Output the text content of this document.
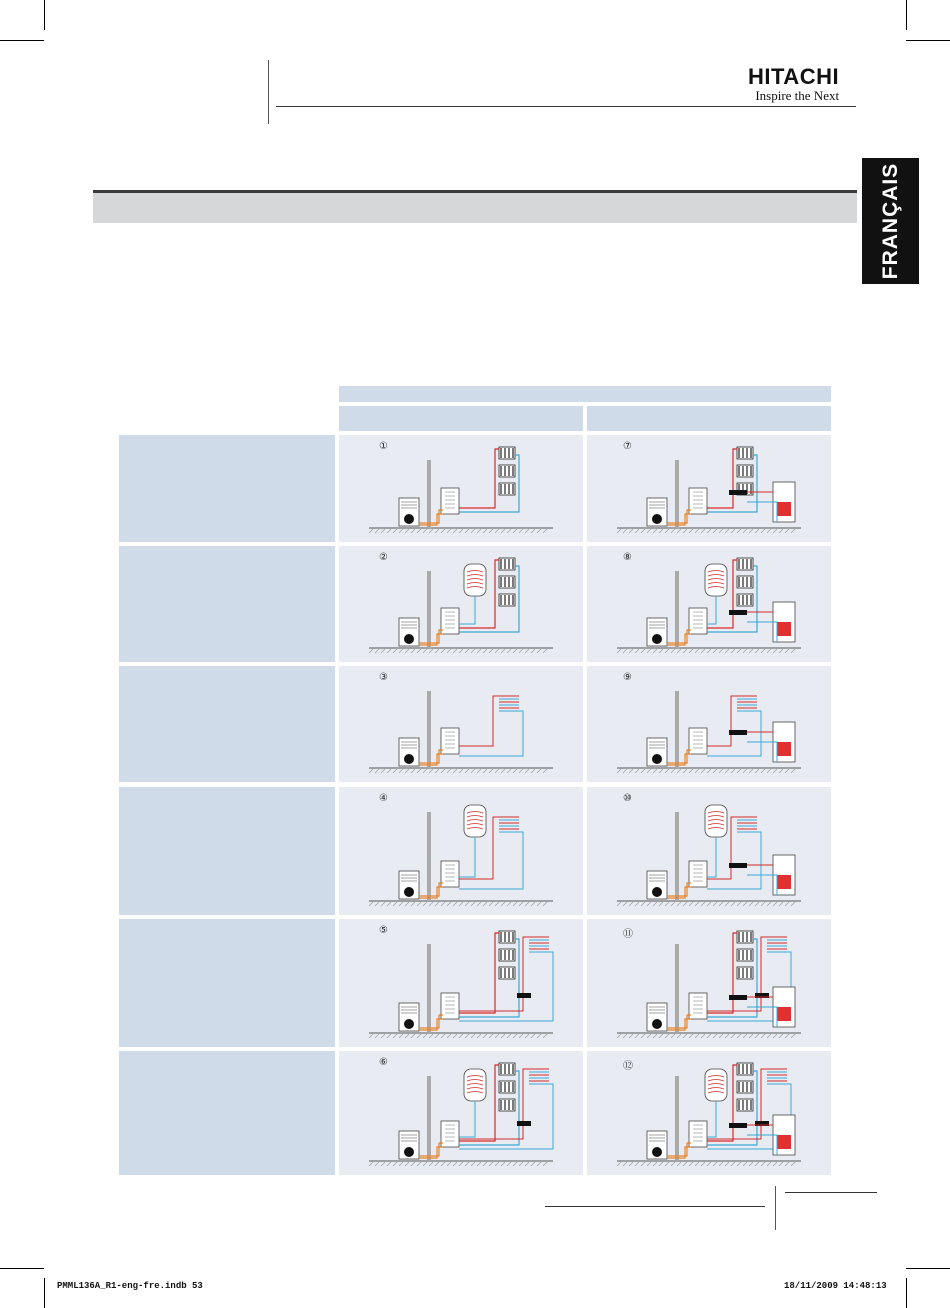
HITACHI
Inspire the Next
FRANÇAIS
①	⑦
②	⑧
③	⑨
④	⑩
⑤	⑪
⑥	⑫
PMML136A_R1-eng-fre.indb 53	18/11/2009 14:48:13
